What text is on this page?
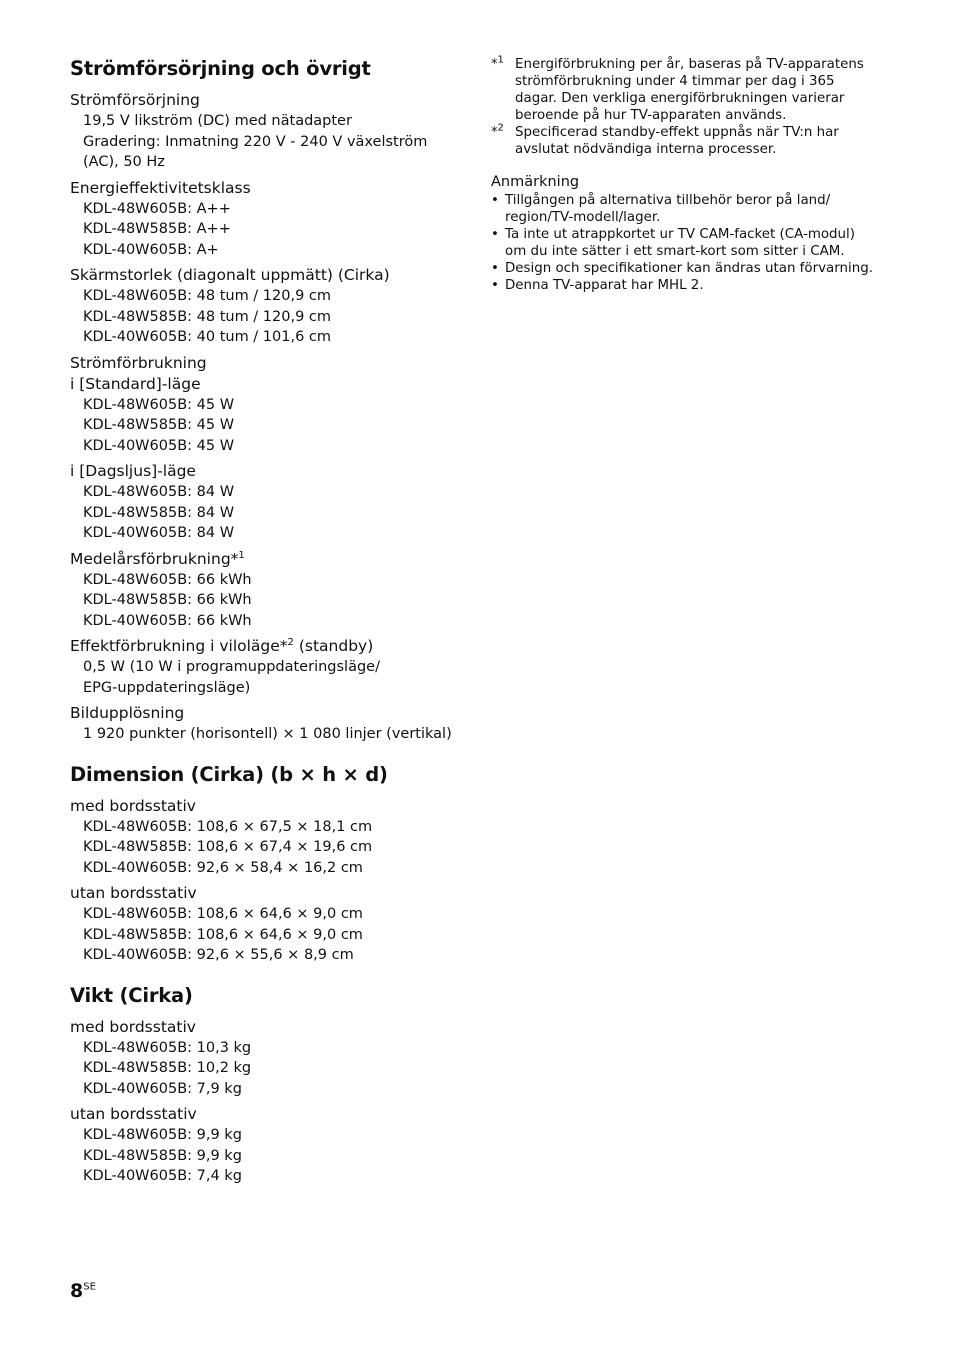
Strömförsörjning och övrigt
Strömförsörjning
19,5 V likström (DC) med nätadapter
Gradering: Inmatning 220 V - 240 V växelström
(AC), 50 Hz
Energieffektivitetsklass
KDL-48W605B: A++
KDL-48W585B: A++
KDL-40W605B: A+
Skärmstorlek (diagonalt uppmätt) (Cirka)
KDL-48W605B: 48 tum / 120,9 cm
KDL-48W585B: 48 tum / 120,9 cm
KDL-40W605B: 40 tum / 101,6 cm
Strömförbrukning
i [Standard]-läge
KDL-48W605B: 45 W
KDL-48W585B: 45 W
KDL-40W605B: 45 W
i [Dagsljus]-läge
KDL-48W605B: 84 W
KDL-48W585B: 84 W
KDL-40W605B: 84 W
Medelårsförbrukning*$^1$
KDL-48W605B: 66 kWh
KDL-48W585B: 66 kWh
KDL-40W605B: 66 kWh
Effektförbrukning i viloläge*$^2$ (standby)
0,5 W (10 W i programuppdateringsläge/
EPG-uppdateringsläge)
Bildupplösning
1 920 punkter (horisontell) × 1 080 linjer (vertikal)
Dimension (Cirka) (b × h × d)
med bordsstativ
KDL-48W605B: 108,6 × 67,5 × 18,1 cm
KDL-48W585B: 108,6 × 67,4 × 19,6 cm
KDL-40W605B: 92,6 × 58,4 × 16,2 cm
utan bordsstativ
KDL-48W605B: 108,6 × 64,6 × 9,0 cm
KDL-48W585B: 108,6 × 64,6 × 9,0 cm
KDL-40W605B: 92,6 × 55,6 × 8,9 cm
Vikt (Cirka)
med bordsstativ
KDL-48W605B: 10,3 kg
KDL-48W585B: 10,2 kg
KDL-40W605B: 7,9 kg
utan bordsstativ
KDL-48W605B: 9,9 kg
KDL-48W585B: 9,9 kg
KDL-40W605B: 7,4 kg
*$^1$ Energiförbrukning per år, baseras på TV-apparatens strömförbrukning under 4 timmar per dag i 365 dagar. Den verkliga energiförbrukningen varierar beroende på hur TV-apparaten används.
*$^2$ Specificerad standby-effekt uppnås när TV:n har avslutat nödvändiga interna processer.
Anmärkning
• Tillgången på alternativa tillbehör beror på land/ region/TV-modell/lager.
• Ta inte ut atrappkortet ur TV CAM-facket (CA-modul) om du inte sätter i ett smart-kort som sitter i CAM.
• Design och specifikationer kan ändras utan förvarning.
• Denna TV-apparat har MHL 2.
$8^{SE}$
